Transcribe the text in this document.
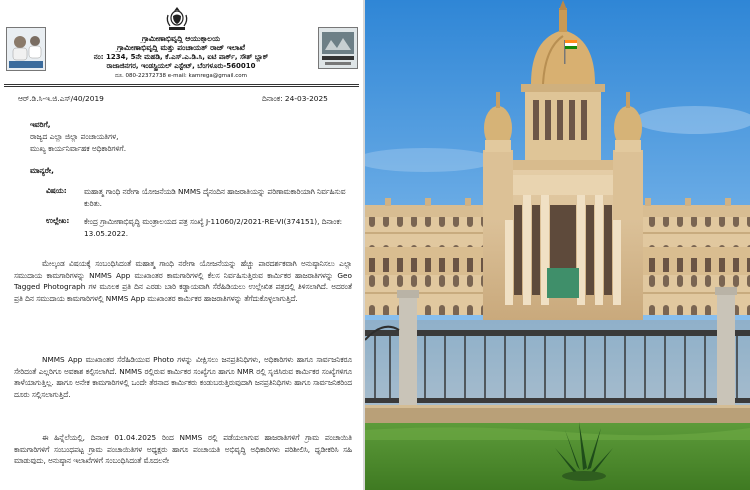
ಗ್ರಾಮೀಣಾಭಿವೃದ್ಧಿ ಆಯುಕ್ತಾಲಯ
ಗ್ರಾಮೀಣಾಭಿವೃದ್ಧಿ ಮತ್ತು ಪಂಚಾಯತ್ ರಾಜ್ ಇಲಾಖೆ
ನಂ: 1234, 5ನೇ ಮಹಡಿ, ಕೆ.ಎಸ್.ಎ.ಡಿ.ಸಿ, ಐಟಿ ಪಾರ್ಕ್, ಸೌತ್ ಬ್ಲಾಕ್
ರಾಜಾಜಿನಗರ, ಇಂಡಸ್ಟ್ರಿಯಲ್ ಎಸ್ಟೇಟ್, ಬೆಂಗಳೂರು-560010
ದೂ. 080-22372738 e-mail: kamrega@gmail.com
ಆರ್.ಡಿ.ಸಿ-ಇ.ಜಿ.ಎಸ್/40/2019	ದಿನಾಂಕ: 24-03-2025
ಇವರಿಗೆ,
ರಾಜ್ಯದ ಎಲ್ಲಾ ಜಿಲ್ಲಾ ಪಂಚಾಯತಿಗಳ,
ಮುಖ್ಯ ಕಾರ್ಯನಿರ್ವಾಹಕ ಅಧಿಕಾರಿಗಳಿಗೆ.
ಮಾನ್ಯರೇ,
ವಿಷಯ: ಮಹಾತ್ಮ ಗಾಂಧಿ ನರೇಗಾ ಯೋಜನೆಯಡಿ NMMS ದೈನಂದಿನ ಹಾಜರಾತಿಯನ್ನು ಪರಿಣಾಮಕಾರಿಯಾಗಿ ನಿರ್ವಹಿಸುವ ಕುರಿತು.
ಉಲ್ಲೇಖ: ಕೇಂದ್ರ ಗ್ರಾಮೀಣಾಭಿವೃದ್ಧಿ ಮಂತ್ರಾಲಯದ ಪತ್ರ ಸಂಖ್ಯೆ J-11060/2/2021-RE-VI(374151), ದಿನಾಂಕ: 13.05.2022.
ಮೇಲ್ಕಂಡ ವಿಷಯಕ್ಕೆ ಸಂಬಂಧಿಸಿದಂತೆ ಮಹಾತ್ಮ ಗಾಂಧಿ ನರೇಗಾ ಯೋಜನೆಯನ್ನು ಹೆಚ್ಚು ಪಾರದರ್ಶಕವಾಗಿ ಅನುಷ್ಠಾನಿಸಲು ಎಲ್ಲಾ ಸಮುದಾಯ ಕಾಮಗಾರಿಗಳನ್ನು NMMS App ಮುಖಾಂತರ ಕಾಮಗಾರಿಗಳಲ್ಲಿ ಕೆಲಸ ನಿರ್ವಹಿಸುತ್ತಿರುವ ಕಾರ್ಮಿಕರ ಹಾಜರಾತಿಗಳನ್ನು Geo Tagged Photograph ಗಳ ಮೂಲಕ ಪ್ರತಿ ದಿನ ಎರಡು ಬಾರಿ ಕಡ್ಡಾಯವಾಗಿ ಸೆರೆಹಿಡಿಯಲು ಉಲ್ಲೇಖಿತ ಪತ್ರದಲ್ಲಿ ತಿಳಿಸಲಾಗಿದೆ. ಅದರಂತೆ ಪ್ರತಿ ದಿನ ಸಮುದಾಯ ಕಾಮಗಾರಿಗಳಲ್ಲಿ NMMS App ಮುಖಾಂತರ ಕಾರ್ಮಿಕರ ಹಾಜರಾತಿಗಳನ್ನು ತೆಗೆದುಕೊಳ್ಳಲಾಗುತ್ತಿದೆ.
NMMS App ಮುಖಾಂತರ ಸೆರೆಹಿಡಿಯುವ Photo ಗಳನ್ನು ವೀಕ್ಷಿಸಲು ಜನಪ್ರತಿನಿಧಿಗಳು, ಅಧಿಕಾರಿಗಳು ಹಾಗೂ ಸಾರ್ವಜನಿಕರೂ ಸೇರಿದಂತೆ ಎಲ್ಲರಿಗೂ ಅವಕಾಶ ಕಲ್ಪಿಸಲಾಗಿದೆ. NMMS ರಲ್ಲಿರುವ ಕಾರ್ಮಿಕರ ಸಂಖ್ಯೆಗೂ ಹಾಗೂ NMR ರಲ್ಲಿ ಸೃಜಿಸಿರುವ ಕಾರ್ಮಿಕರ ಸಂಖ್ಯೆಗಳಿಗೂ ತಾಳೆಯಾಗುತ್ತಿಲ್ಲ. ಹಾಗೂ ಅನೇಕ ಕಾಮಗಾರಿಗಳಲ್ಲಿ ಒಂದೇ ತೆರನಾದ ಕಾರ್ಮಿಕರು ಕಂಡುಬರುತ್ತಿರುವುದಾಗಿ ಜನಪ್ರತಿನಿಧಿಗಳು ಹಾಗೂ ಸಾರ್ವಜನಿಕರಿಂದ ದೂರು ಸಲ್ಲಿಸಲಾಗುತ್ತಿದೆ.
ಈ ಹಿನ್ನೆಲೆಯಲ್ಲಿ, ದಿನಾಂಕ 01.04.2025 ರಿಂದ NMMS ರಲ್ಲಿ ಪಡೆಯಲಾಗುವ ಹಾಜರಾತಿಗಳಿಗೆ ಗ್ರಾಮ ಪಂಚಾಯಿತಿ ಕಾಮಗಾರಿಗಳಿಗೆ ಸಂಬಂಧಪಟ್ಟ ಗ್ರಾಮ ಪಂಚಾಯಿತಿಗಳ ಅಧ್ಯಕ್ಷರು ಹಾಗೂ ಪಂಚಾಯತಿ ಅಭಿವೃದ್ಧಿ ಅಧಿಕಾರಿಗಳು ಪರಿಶೀಲಿಸಿ, ಧೃಡೀಕರಿಸಿ ಸಹಿ ಮಾಡುವುದು, ಅನುಷ್ಠಾನ ಇಲಾಖೆಗಳಿಗೆ ಸಂಬಂಧಿಸಿದಂತೆ ಮೊದಲನೇ
